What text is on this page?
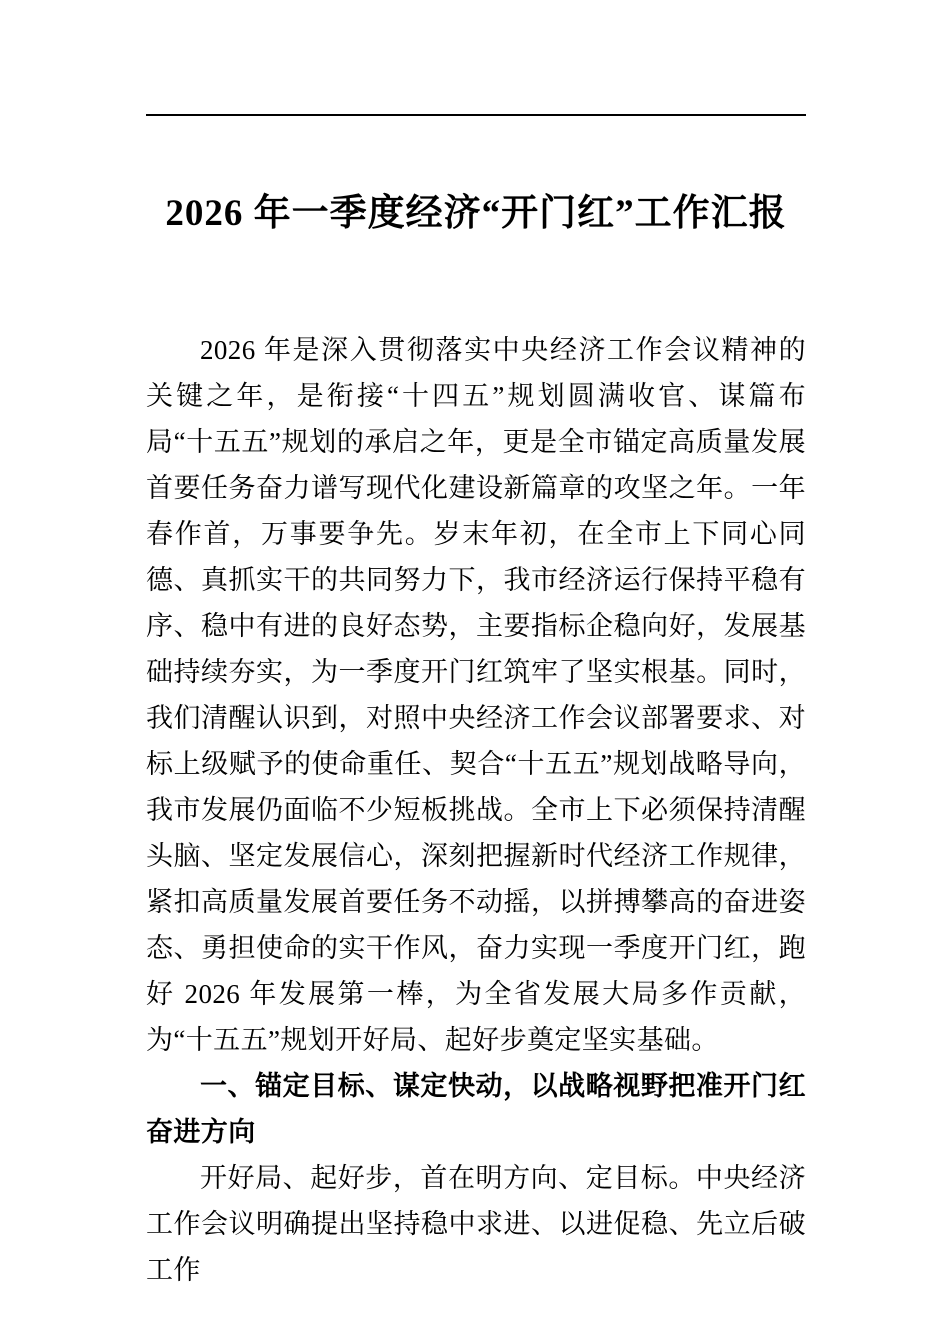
2026 年一季度经济“开门红”工作汇报

2026 年是深入贯彻落实中央经济工作会议精神的关键之年，是衔接“十四五”规划圆满收官、谋篇布局“十五五”规划的承启之年，更是全市锚定高质量发展首要任务奋力谱写现代化建设新篇章的攻坚之年。一年春作首，万事要争先。岁末年初，在全市上下同心同德、真抓实干的共同努力下，我市经济运行保持平稳有序、稳中有进的良好态势，主要指标企稳向好，发展基础持续夯实，为一季度开门红筑牢了坚实根基。同时，我们清醒认识到，对照中央经济工作会议部署要求、对标上级赋予的使命重任、契合“十五五”规划战略导向，我市发展仍面临不少短板挑战。全市上下必须保持清醒头脑、坚定发展信心，深刻把握新时代经济工作规律，紧扣高质量发展首要任务不动摇，以拼搏攀高的奋进姿态、勇担使命的实干作风，奋力实现一季度开门红，跑好 2026 年发展第一棒，为全省发展大局多作贡献，为“十五五”规划开好局、起好步奠定坚实基础。

一、锚定目标、谋定快动，以战略视野把准开门红奋进方向

开好局、起好步，首在明方向、定目标。中央经济工作会议明确提出坚持稳中求进、以进促稳、先立后破工作
